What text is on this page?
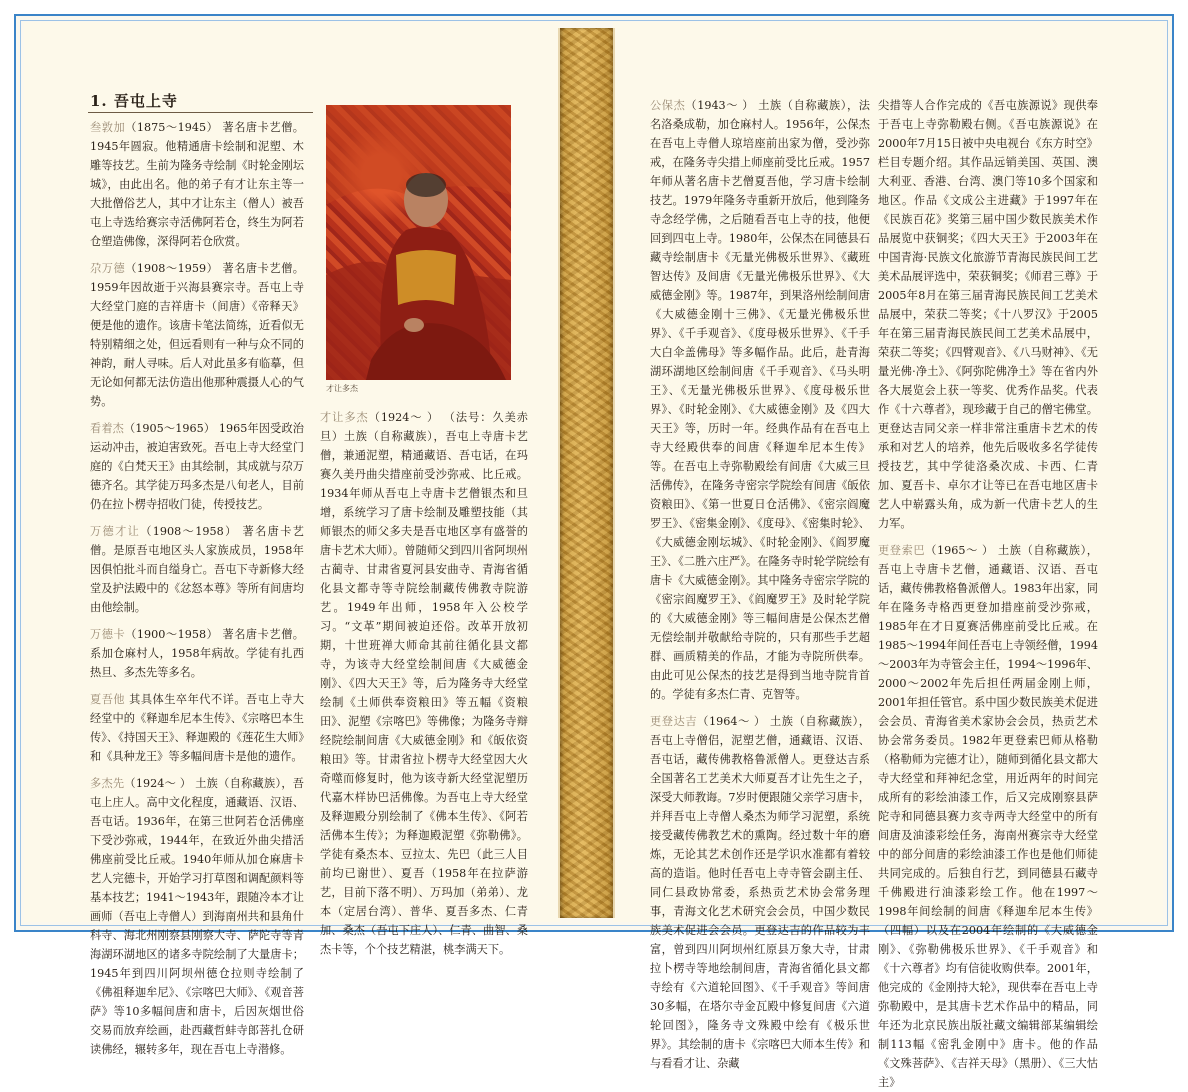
1. 吾屯上寺
才让多杰

叁敦加（1875～1945） 著名唐卡艺僧。1945年圆寂。他精通唐卡绘制和泥塑、木雕等技艺。生前为隆务寺绘制《时轮金刚坛城》，由此出名。他的弟子有才让东主等一大批僧俗艺人，其中才让东主（僧人）被吾屯上寺选给赛宗寺活佛阿若仓，终生为阿若仓塑造佛像，深得阿若仓欣赏。

尕万德（1908～1959） 著名唐卡艺僧。1959年因故逝于兴海县赛宗寺。吾屯上寺大经堂门庭的吉祥唐卡（间唐）《帝释天》便是他的遗作。该唐卡笔法简练，近看似无特别精细之处，但远看则有一种与众不同的神韵，耐人寻味。后人对此虽多有临摹，但无论如何都无法仿造出他那种震摄人心的气势。

看着杰（1905～1965） 1965年因受政治运动冲击，被迫害致死。吾屯上寺大经堂门庭的《白梵天王》由其绘制，其成就与尕万德齐名。其学徒万玛多杰是八旬老人，目前仍在拉卜楞寺招收门徒，传授技艺。

万德才让（1908～1958） 著名唐卡艺僧。是原吾屯地区头人家族成员，1958年因俱怕批斗而自缢身亡。吾屯下寺新修大经堂及护法殿中的《忿怒本尊》等所有间唐均由他绘制。

万德卡（1900～1958） 著名唐卡艺僧。系加仓麻村人，1958年病故。学徒有扎西热旦、多杰先等多名。

夏吾他 其具体生卒年代不详。吾屯上寺大经堂中的《释迦牟尼本生传》、《宗喀巴本生传》、《持国天王》、释迦殿的《莲花生大师》和《具种龙王》等多幅间唐卡是他的遗作。

多杰先（1924～ ） 土族（自称藏族），吾屯上庄人。高中文化程度，通藏语、汉语、吾屯话。1936年，在第三世阿若仓活佛座下受沙弥戒，1944年，在致近外曲尖措活佛座前受比丘戒。1940年师从加仓麻唐卡艺人完德卡，开始学习打草图和调配颜料等基本技艺；1941～1943年，跟随冷本才让画师（吾屯上寺僧人）到海南州共和县角什科寺、海北州刚察县刚察大寺、萨陀寺等青海湖环湖地区的诸多寺院绘制了大量唐卡；1945年到四川阿坝州德仓拉则寺绘制了《佛祖释迦牟尼》、《宗喀巴大师》、《观音菩萨》等10多幅间唐和唐卡，后因灰烟世俗交易而放弃绘画，赴西藏哲蚌寺郎菩扎仓研读佛经，辗转多年，现在吾屯上寺潜修。

才让多杰（1924～ ） （法号：久美赤旦）土族（自称藏族），吾屯上寺唐卡艺僧，兼通泥塑，精通藏语、吾屯话，在玛赛久美丹曲尖措座前受沙弥戒、比丘戒。1934年师从吾屯上寺唐卡艺僧银杰和旦增，系统学习了唐卡绘制及雕塑技能（其师银杰的师父多夫是吾屯地区享有盛誉的唐卡艺术大师）。曾随师父到四川省阿坝州古蔺寺、甘肃省夏河县安曲寺、青海省循化县文都寺等寺院绘制藏传佛教寺院游艺。1949年出师，1958年入公校学习。“文革”期间被迫还俗。改革开放初期，十世班禅大师命其前往循化县文都寺，为该寺大经堂绘制间唐《大威德金刚》、《四大天王》等，后为隆务寺大经堂绘制《土师供奉资粮田》等五幅《资粮田》、泥塑《宗喀巴》等佛像；为隆务寺辩经院绘制间唐《大威德金刚》和《皈依资粮田》等。甘肃省拉卜楞寺大经堂因大火奇噬而修复时，他为该寺新大经堂泥塑历代嘉木样协巴活佛像。为吾屯上寺大经堂及释迦殿分别绘制了《佛本生传》、《阿若活佛本生传》；为释迦殿泥塑《弥勒佛》。学徒有桑杰本、豆拉太、先巴（此三人目前均已谢世）、夏吾（1958年在拉萨游艺，目前下落不明）、万玛加（弟弟）、龙本（定居台湾）、普华、夏吾多杰、仁青加、桑杰（吾屯下庄人）、仁青、曲智、桑杰卡等，个个技艺精湛，桃李满天下。

公保杰（1943～ ） 土族（自称藏族），法名洛桑成勒，加仓麻村人。1956年，公保杰在吾屯上寺僧人琼培座前出家为僧，受沙弥戒，在隆务寺尖措上师座前受比丘戒。1957年师从著名唐卡艺僧夏吾他，学习唐卡绘制技艺。1979年隆务寺重新开放后，他到隆务寺念经学佛，之后随看吾屯上寺的技，他便回到四屯上寺。1980年，公保杰在同德县石藏寺绘制唐卡《无量光佛极乐世界》、《藏班智达传》及间唐《无量光佛极乐世界》、《大威德金刚》等。1987年，到果洛州绘制间唐《大威德金刚十三佛》、《无量光佛极乐世界》、《千手观音》、《度母极乐世界》、《千手大白伞盖佛母》等多幅作品。此后，赴青海湖环湖地区绘制间唐《千手观音》、《马头明王》、《无量光佛极乐世界》、《度母极乐世界》、《时轮金刚》、《大威德金刚》及《四大天王》等，历时一年。经典作品有在吾屯上寺大经殿供奉的间唐《释迦牟尼本生传》等。在吾屯上寺弥勒殿绘有间唐《大威三旦活佛传》，在隆务寺密宗学院绘有间唐《皈依资粮田》、《第一世夏日仓活佛》、《密宗阎魔罗王》、《密集金刚》、《度母》、《密集时轮》、《大威德金刚坛城》、《时轮金刚》、《阎罗魔王》、《二胜六庄严》。在隆务寺时轮学院绘有唐卡《大威德金刚》。其中隆务寺密宗学院的《密宗阎魔罗王》、《阎魔罗王》及时轮学院的《大威德金刚》等三幅间唐是公保杰艺僧无偿绘制并敬献给寺院的，只有那些手艺超群、画质精美的作品，才能为寺院所供奉。由此可见公保杰的技艺是得到当地寺院肯首的。学徒有多杰仁青、克智等。

更登达吉（1964～ ） 土族（自称藏族），吾屯上寺僧侣，泥塑艺僧，通藏语、汉语、吾屯话，藏传佛教格鲁派僧人。更登达吉系全国著名工艺美术大师夏吾才让先生之子，深受大师教诲。7岁时便跟随父亲学习唐卡，并拜吾屯上寺僧人桑杰为师学习泥塑，系统接受藏传佛教艺术的熏陶。经过数十年的磨炼，无论其艺术创作还是学识水准都有着较高的造诣。他时任吾屯上寺寺管会副主任、同仁县政协常委，系热贡艺术协会常务理事，青海文化艺术研究会会员，中国少数民族美术促进会会员。更登达吉的作品较为丰富，曾到四川阿坝州红原县万象大寺，甘肃拉卜楞寺等地绘制间唐，青海省循化县文都寺绘有《六道轮回图》、《千手观音》等间唐30多幅，在塔尔寺金瓦殿中修复间唐《六道轮回图》，隆务寺文殊殿中绘有《极乐世界》。其绘制的唐卡《宗喀巴大师本生传》和与看看才让、杂藏

尖措等人合作完成的《吾屯族源说》现供奉于吾屯上寺弥勒殿右侧。《吾屯族源说》在2000年7月15日被中央电视台《东方时空》栏目专题介绍。其作品远销美国、英国、澳大利亚、香港、台湾、澳门等10多个国家和地区。作品《文成公主进藏》于1997年在《民族百花》奖第三届中国少数民族美术作品展览中获铜奖；《四大天王》于2003年在中国青海·民族文化旅游节青海民族民间工艺美术品展评选中，荣获铜奖；《师君三尊》于2005年8月在第三届青海民族民间工艺美术品展中，荣获二等奖；《十八罗汉》于2005年在第三届青海民族民间工艺美术品展中，荣获二等奖；《四臂观音》、《八马财神》、《无量光佛·净土》、《阿弥陀佛净土》等在省内外各大展览会上获一等奖、优秀作品奖。代表作《十六尊者》，现珍藏于自己的僧宅佛堂。更登达吉同父亲一样非常注重唐卡艺术的传承和对艺人的培养，他先后吸收多名学徒传授技艺，其中学徒洛桑次成、卡西、仁青加、夏吾卡、卓尔才让等已在吾屯地区唐卡艺人中崭露头角，成为新一代唐卡艺人的生力军。

更登索巴（1965～ ） 土族（自称藏族），吾屯上寺唐卡艺僧，通藏语、汉语、吾屯话，藏传佛教格鲁派僧人。1983年出家，同年在隆务寺格西更登加措座前受沙弥戒，1985年在才日夏赛活佛座前受比丘戒。在1985～1994年间任吾屯上寺领经僧，1994～2003年为寺管会主任，1994～1996年、2000～2002年先后担任两届金刚上师，2001年担任管官。系中国少数民族美术促进会会员、青海省美术家协会会员，热贡艺术协会常务委员。1982年更登索巴师从格勒（格勒师为完德才让），随师到循化县文都大寺大经堂和拜神纪念堂，用近两年的时间完成所有的彩绘油漆工作，后又完成刚察县萨陀寺和同德县赛力亥寺两寺大经堂中的所有间唐及油漆彩绘任务，海南州赛宗寺大经堂中的部分间唐的彩绘油漆工作也是他们师徒共同完成的。后独自行艺，到同德县石藏寺千佛殿进行油漆彩绘工作。他在1997～1998年间绘制的间唐《释迦牟尼本生传》（四幅）以及在2004年绘制的《大威德金刚》、《弥勒佛极乐世界》、《千手观音》和《十六尊者》均有信徒收购供奉。2001年，他完成的《金刚持大轮》，现供奉在吾屯上寺弥勒殿中，是其唐卡艺术作品中的精品，同年还为北京民族出版社藏文编辑部某编辑绘制113幅《密乳金刚中》唐卡。他的作品《文殊菩萨》、《吉祥天母》（黑册）、《三大怙主》
